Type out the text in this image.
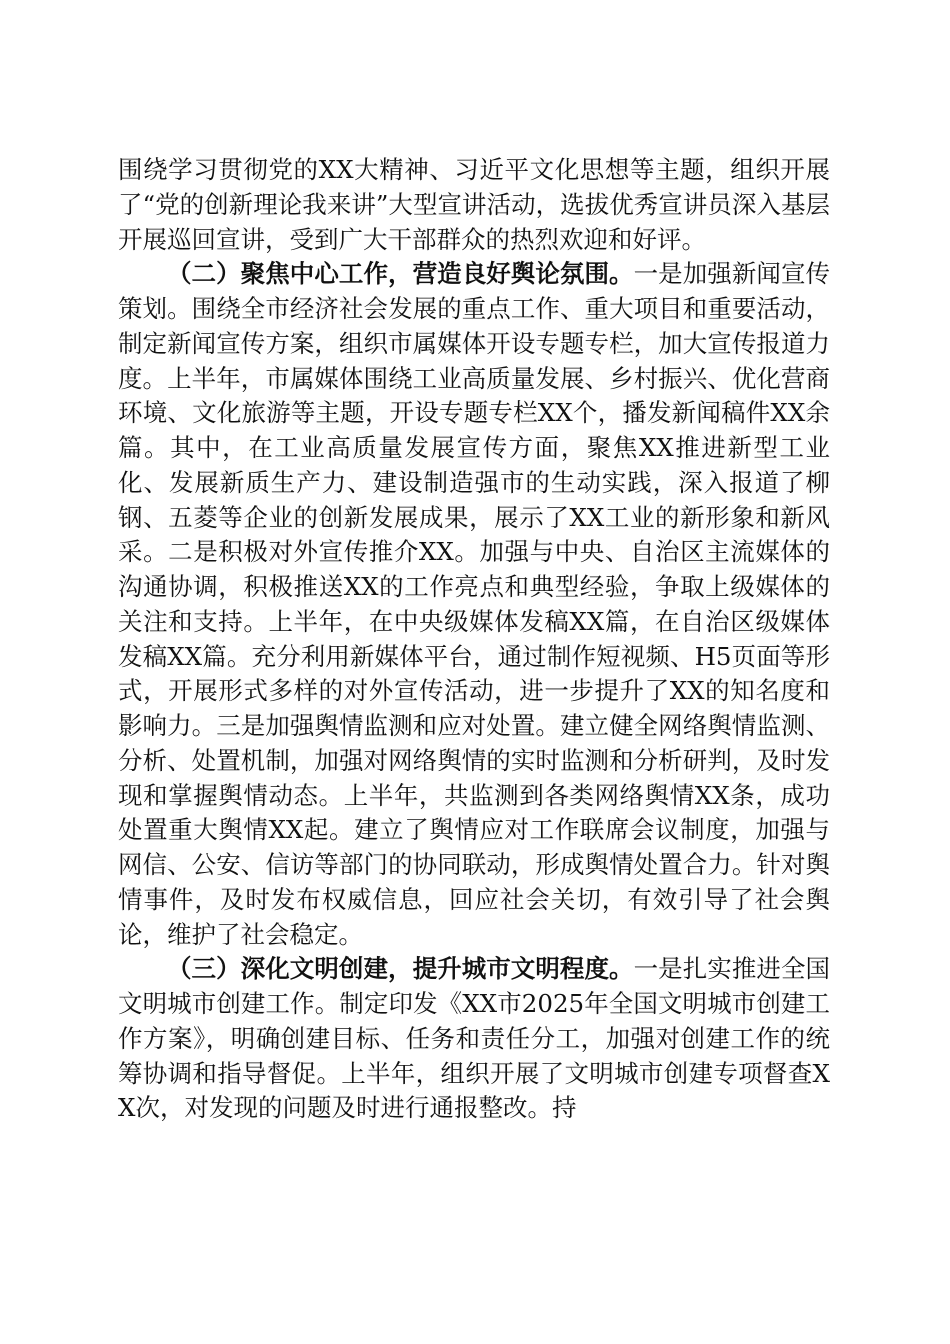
围绕学习贯彻党的XX大精神、习近平文化思想等主题，组织开展了“党的创新理论我来讲”大型宣讲活动，选拔优秀宣讲员深入基层开展巡回宣讲，受到广大干部群众的热烈欢迎和好评。

（二）聚焦中心工作，营造良好舆论氛围。一是加强新闻宣传策划。围绕全市经济社会发展的重点工作、重大项目和重要活动，制定新闻宣传方案，组织市属媒体开设专题专栏，加大宣传报道力度。上半年，市属媒体围绕工业高质量发展、乡村振兴、优化营商环境、文化旅游等主题，开设专题专栏XX个，播发新闻稿件XX余篇。其中，在工业高质量发展宣传方面，聚焦XX推进新型工业化、发展新质生产力、建设制造强市的生动实践，深入报道了柳钢、五菱等企业的创新发展成果，展示了XX工业的新形象和新风采。二是积极对外宣传推介XX。加强与中央、自治区主流媒体的沟通协调，积极推送XX的工作亮点和典型经验，争取上级媒体的关注和支持。上半年，在中央级媒体发稿XX篇，在自治区级媒体发稿XX篇。充分利用新媒体平台，通过制作短视频、H5页面等形式，开展形式多样的对外宣传活动，进一步提升了XX的知名度和影响力。三是加强舆情监测和应对处置。建立健全网络舆情监测、分析、处置机制，加强对网络舆情的实时监测和分析研判，及时发现和掌握舆情动态。上半年，共监测到各类网络舆情XX条，成功处置重大舆情XX起。建立了舆情应对工作联席会议制度，加强与网信、公安、信访等部门的协同联动，形成舆情处置合力。针对舆情事件，及时发布权威信息，回应社会关切，有效引导了社会舆论，维护了社会稳定。

（三）深化文明创建，提升城市文明程度。一是扎实推进全国文明城市创建工作。制定印发《XX市2025年全国文明城市创建工作方案》，明确创建目标、任务和责任分工，加强对创建工作的统筹协调和指导督促。上半年，组织开展了文明城市创建专项督查XX次，对发现的问题及时进行通报整改。持
